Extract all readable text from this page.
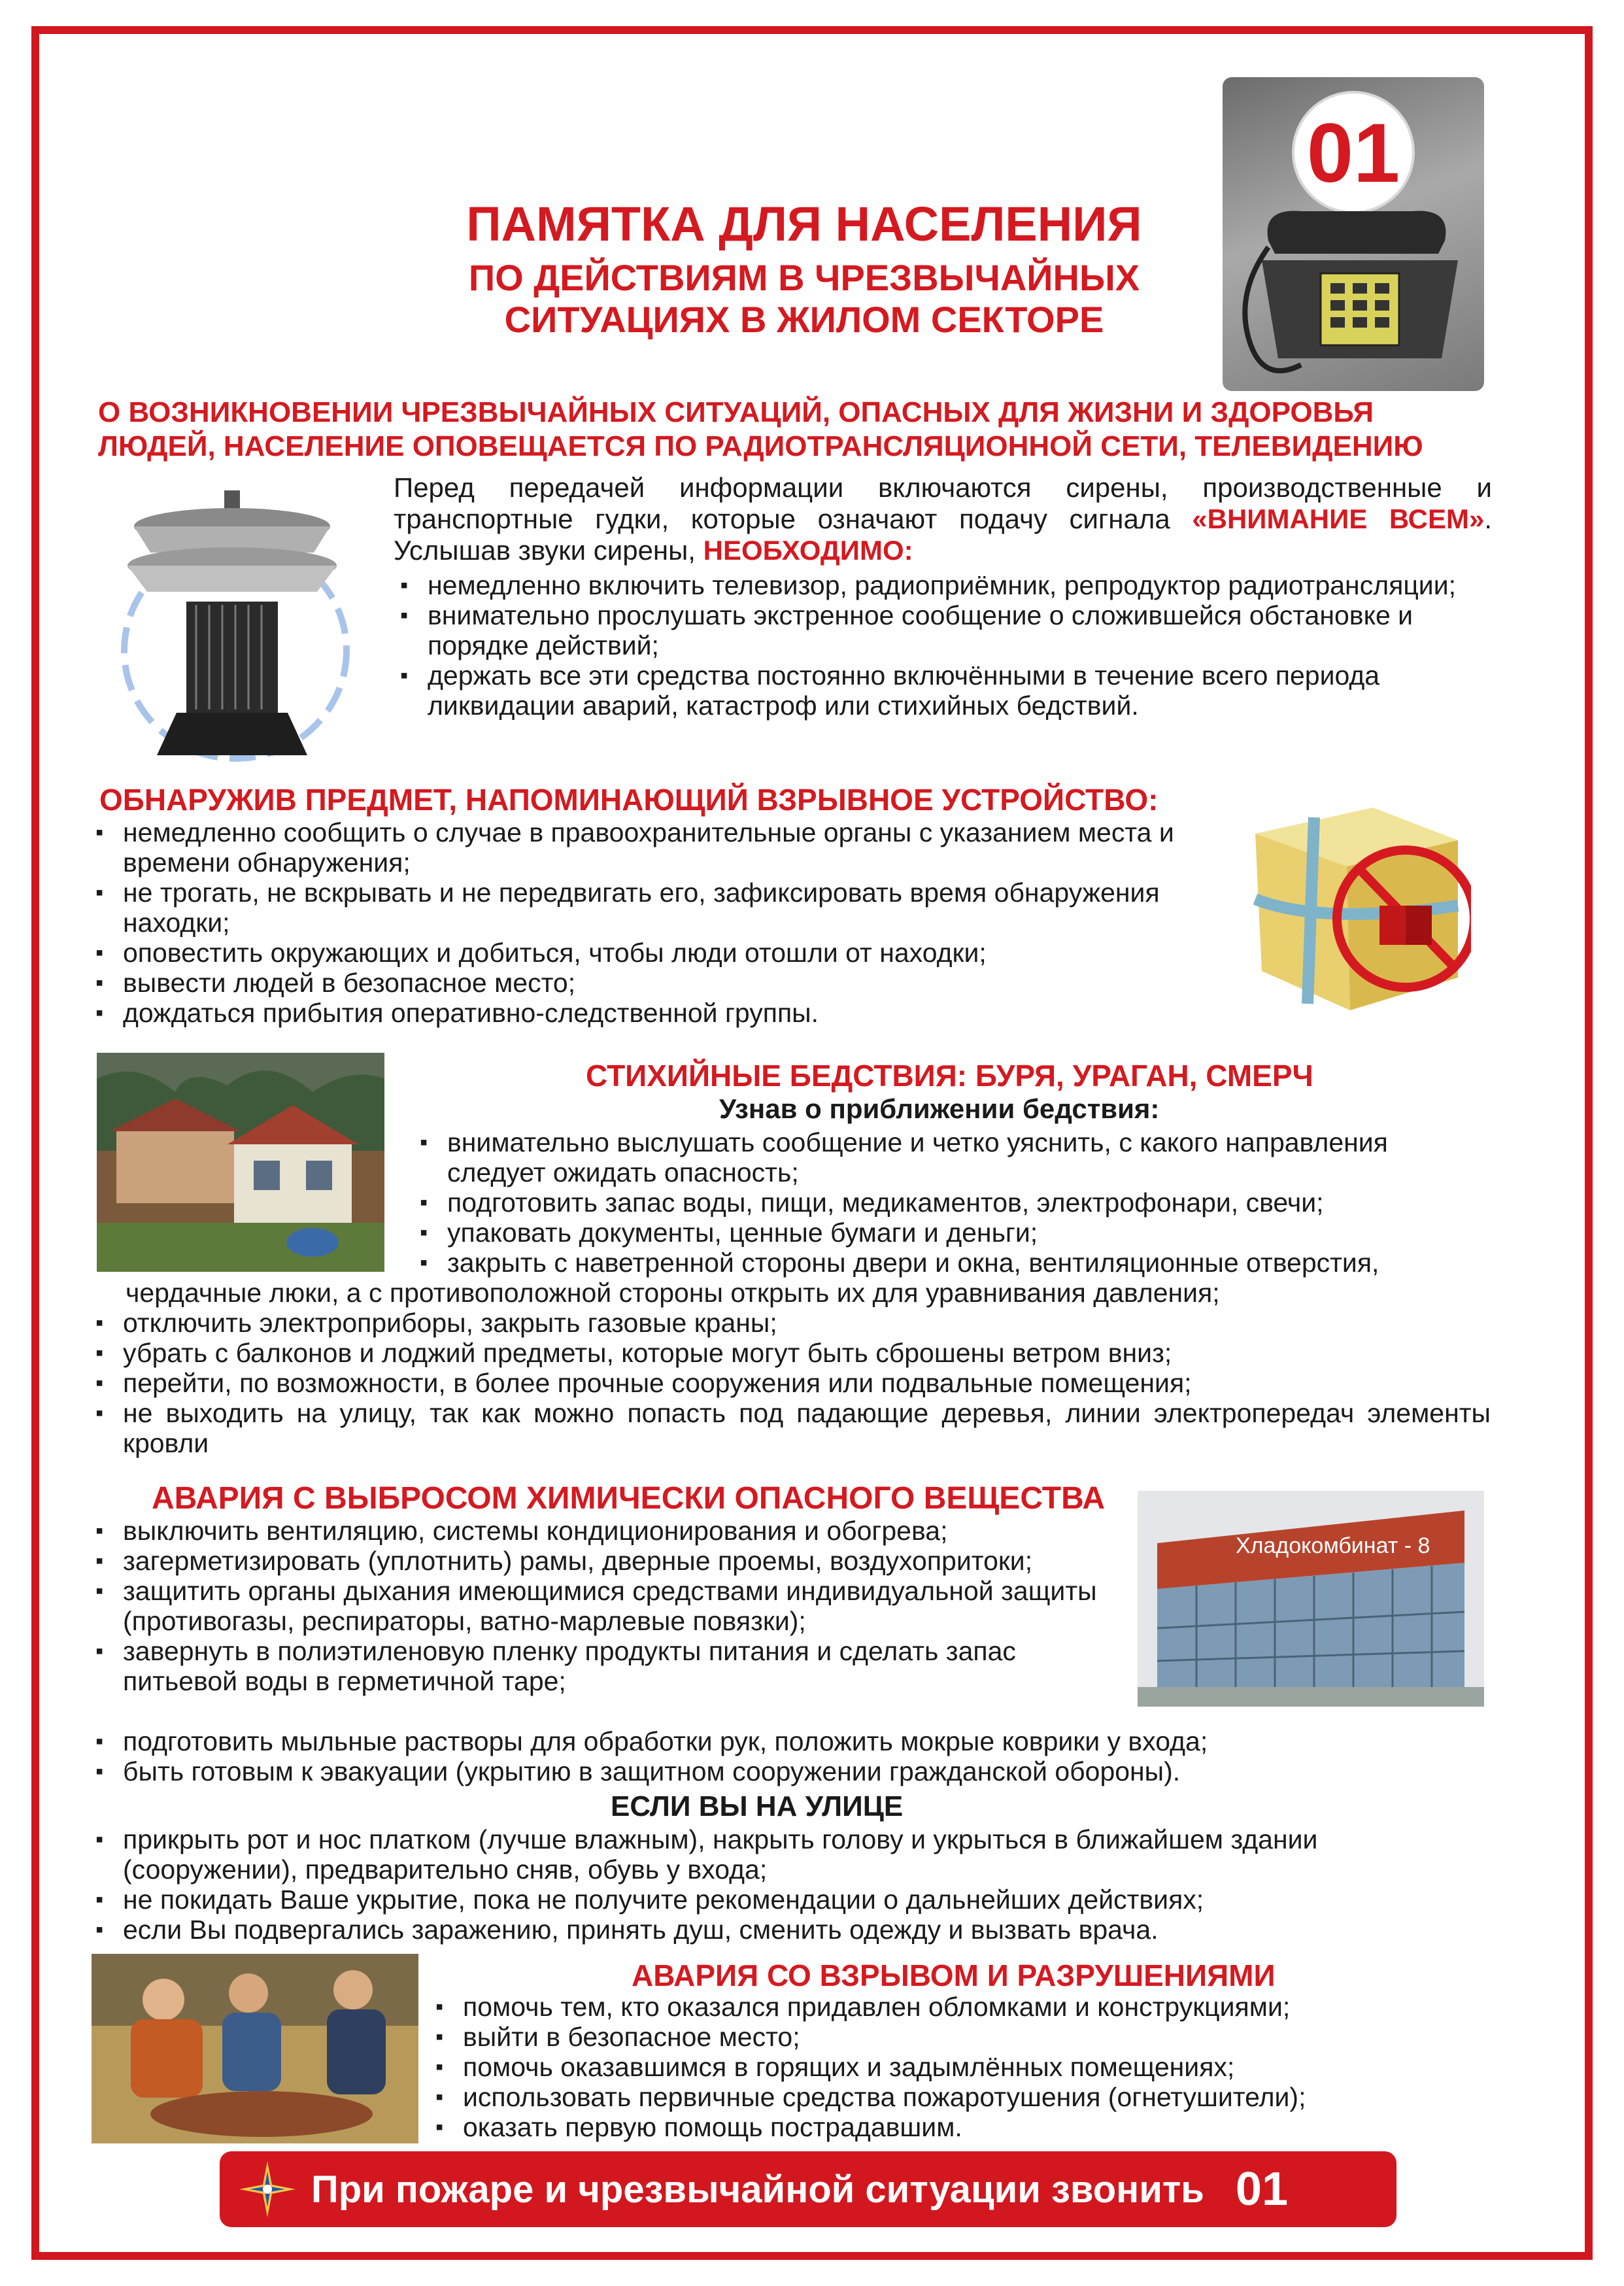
01
ПАМЯТКА ДЛЯ НАСЕЛЕНИЯ
ПО ДЕЙСТВИЯМ В ЧРЕЗВЫЧАЙНЫХ
СИТУАЦИЯХ В ЖИЛОМ СЕКТОРЕ
О ВОЗНИКНОВЕНИИ ЧРЕЗВЫЧАЙНЫХ СИТУАЦИЙ, ОПАСНЫХ ДЛЯ ЖИЗНИ И ЗДОРОВЬЯ
ЛЮДЕЙ, НАСЕЛЕНИЕ ОПОВЕЩАЕТСЯ ПО РАДИОТРАНСЛЯЦИОННОЙ СЕТИ, ТЕЛЕВИДЕНИЮ
Перед передачей информации включаются сирены, производственные и транспортные гудки, которые означают подачу сигнала «ВНИМАНИЕ ВСЕМ». Услышав звуки сирены, НЕОБХОДИМО:
▪ немедленно включить телевизор, радиоприёмник, репродуктор радиотрансляции;
▪ внимательно прослушать экстренное сообщение о сложившейся обстановке и порядке действий;
▪ держать все эти средства постоянно включёнными в течение всего периода ликвидации аварий, катастроф или стихийных бедствий.
ОБНАРУЖИВ ПРЕДМЕТ, НАПОМИНАЮЩИЙ ВЗРЫВНОЕ УСТРОЙСТВО:
▪ немедленно сообщить о случае в правоохранительные органы с указанием места и времени обнаружения;
▪ не трогать, не вскрывать и не передвигать его, зафиксировать время обнаружения находки;
▪ оповестить окружающих и добиться, чтобы люди отошли от находки;
▪ вывести людей в безопасное место;
▪ дождаться прибытия оперативно-следственной группы.
СТИХИЙНЫЕ БЕДСТВИЯ: БУРЯ, УРАГАН, СМЕРЧ
Узнав о приближении бедствия:
▪ внимательно выслушать сообщение и четко уяснить, с какого направления следует ожидать опасность;
▪ подготовить запас воды, пищи, медикаментов, электрофонари, свечи;
▪ упаковать документы, ценные бумаги и деньги;
▪ закрыть с наветренной стороны двери и окна, вентиляционные отверстия,
чердачные люки, а с противоположной стороны открыть их для уравнивания давления;
▪ отключить электроприборы, закрыть газовые краны;
▪ убрать с балконов и лоджий предметы, которые могут быть сброшены ветром вниз;
▪ перейти, по возможности, в более прочные сооружения или подвальные помещения;
▪ не выходить на улицу, так как можно попасть под падающие деревья, линии электропередач элементы кровли
АВАРИЯ С ВЫБРОСОМ ХИМИЧЕСКИ ОПАСНОГО ВЕЩЕСТВА
▪ выключить вентиляцию, системы кондиционирования и обогрева;
▪ загерметизировать (уплотнить) рамы, дверные проемы, воздухопритоки;
▪ защитить органы дыхания имеющимися средствами индивидуальной защиты (противогазы, респираторы, ватно-марлевые повязки);
▪ завернуть в полиэтиленовую пленку продукты питания и сделать запас питьевой воды в герметичной таре;
▪ подготовить мыльные растворы для обработки рук, положить мокрые коврики у входа;
▪ быть готовым к эвакуации (укрытию в защитном сооружении гражданской обороны).
Хладокомбинат - 8
ЕСЛИ ВЫ НА УЛИЦЕ
▪ прикрыть рот и нос платком (лучше влажным), накрыть голову и укрыться в ближайшем здании (сооружении), предварительно сняв, обувь у входа;
▪ не покидать Ваше укрытие, пока не получите рекомендации о дальнейших действиях;
▪ если Вы подвергались заражению, принять душ, сменить одежду и вызвать врача.
АВАРИЯ СО ВЗРЫВОМ И РАЗРУШЕНИЯМИ
▪ помочь тем, кто оказался придавлен обломками и конструкциями;
▪ выйти в безопасное место;
▪ помочь оказавшимся в горящих и задымлённых помещениях;
▪ использовать первичные средства пожаротушения (огнетушители);
▪ оказать первую помощь пострадавшим.
При пожаре и чрезвычайной ситуации звонить 01
